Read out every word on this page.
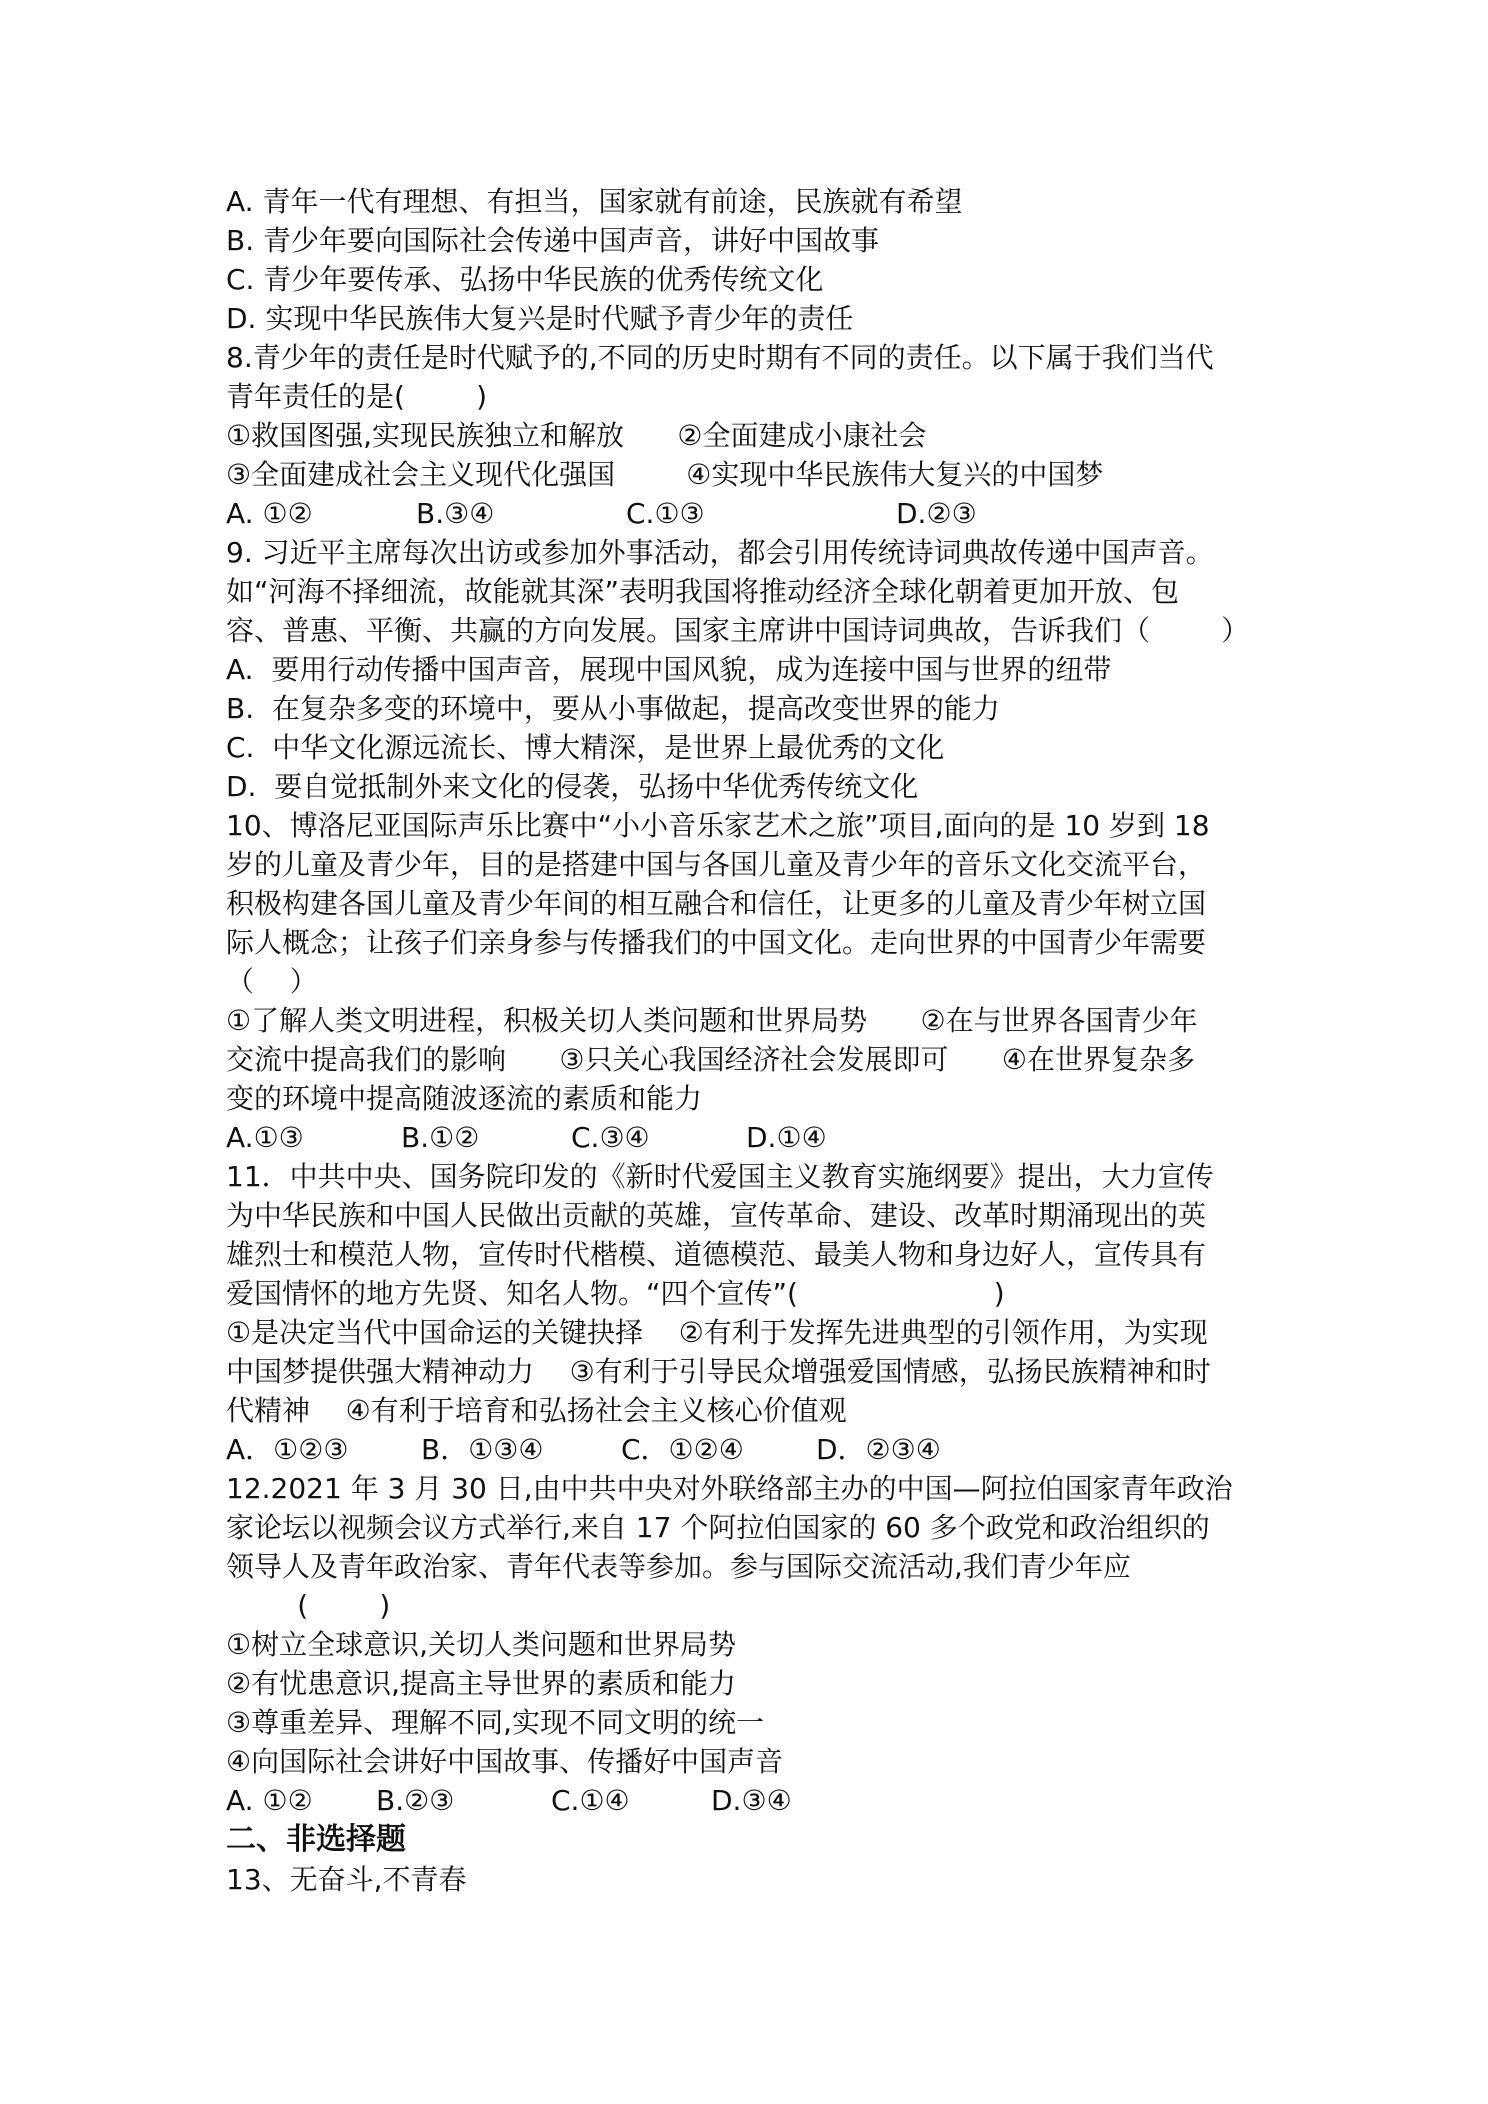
A. 青年一代有理想、有担当，国家就有前途，民族就有希望

B. 青少年要向国际社会传递中国声音，讲好中国故事

C. 青少年要传承、弘扬中华民族的优秀传统文化

D. 实现中华民族伟大复兴是时代赋予青少年的责任

8.青少年的责任是时代赋予的,不同的历史时期有不同的责任。以下属于我们当代

青年责任的是(        )

①救国图强,实现民族独立和解放      ②全面建成小康社会

③全面建成社会主义现代化强国        ④实现中华民族伟大复兴的中国梦

A. ①②	B.③④	C.①③	D.②③

9. 习近平主席每次出访或参加外事活动，都会引用传统诗词典故传递中国声音。

如“河海不择细流，故能就其深”表明我国将推动经济全球化朝着更加开放、包

容、普惠、平衡、共赢的方向发展。国家主席讲中国诗词典故，告诉我们（        ）

A.  要用行动传播中国声音，展现中国风貌，成为连接中国与世界的纽带

B.  在复杂多变的环境中，要从小事做起，提高改变世界的能力

C.  中华文化源远流长、博大精深，是世界上最优秀的文化

D.  要自觉抵制外来文化的侵袭，弘扬中华优秀传统文化

10、博洛尼亚国际声乐比赛中“小小音乐家艺术之旅”项目,面向的是 10 岁到 18

岁的儿童及青少年，目的是搭建中国与各国儿童及青少年的音乐文化交流平台，

积极构建各国儿童及青少年间的相互融合和信任，让更多的儿童及青少年树立国

际人概念；让孩子们亲身参与传播我们的中国文化。走向世界的中国青少年需要

（    ）

①了解人类文明进程，积极关切人类问题和世界局势      ②在与世界各国青少年

交流中提高我们的影响      ③只关心我国经济社会发展即可      ④在世界复杂多

变的环境中提高随波逐流的素质和能力

A.①③	B.①②	C.③④	D.①④

11．中共中央、国务院印发的《新时代爱国主义教育实施纲要》提出，大力宣传

为中华民族和中国人民做出贡献的英雄，宣传革命、建设、改革时期涌现出的英

雄烈士和模范人物，宣传时代楷模、道德模范、最美人物和身边好人，宣传具有

爱国情怀的地方先贤、知名人物。“四个宣传”(                      )

①是决定当代中国命运的关键抉择    ②有利于发挥先进典型的引领作用，为实现

中国梦提供强大精神动力    ③有利于引导民众增强爱国情感，弘扬民族精神和时

代精神    ④有利于培育和弘扬社会主义核心价值观

A．①②③	B．①③④	C．①②④	D．②③④

12.2021 年 3 月 30 日,由中共中央对外联络部主办的中国—阿拉伯国家青年政治

家论坛以视频会议方式举行,来自 17 个阿拉伯国家的 60 多个政党和政治组织的

领导人及青年政治家、青年代表等参加。参与国际交流活动,我们青少年应

(        )

①树立全球意识,关切人类问题和世界局势

②有忧患意识,提高主导世界的素质和能力

③尊重差异、理解不同,实现不同文明的统一

④向国际社会讲好中国故事、传播好中国声音

A. ①②	B.②③	C.①④	D.③④

二、非选择题

13、无奋斗,不青春
